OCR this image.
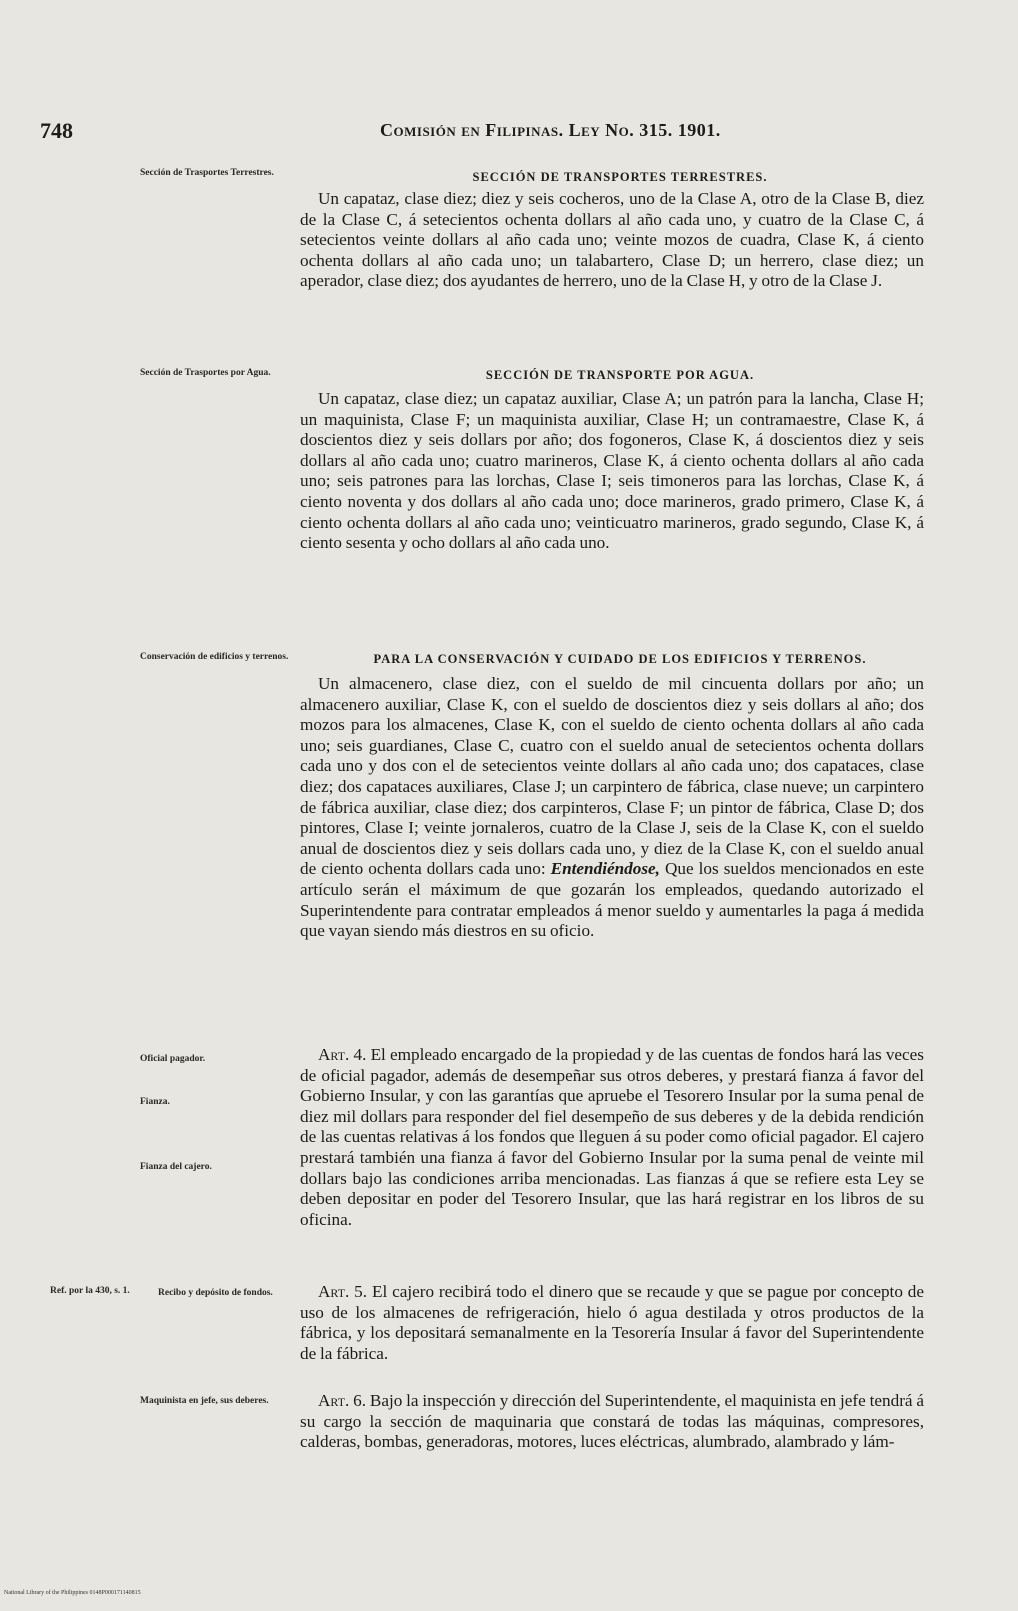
748	Comisión en Filipinas. Ley No. 315. 1901.
Sección de Trasportes Terrestres.
Sección de Trasportes por Agua.
Conservación de edificios y terrenos.
Oficial pagador.
Fianza.
Fianza del cajero.
Ref. por la 430, s. 1.	Recibo y depósito de fondos.
Maquinista en jefe, sus deberes.
SECCIÓN DE TRANSPORTES TERRESTRES.

Un capataz, clase diez; diez y seis cocheros, uno de la Clase A, otro de la Clase B, diez de la Clase C, á setecientos ochenta dollars al año cada uno, y cuatro de la Clase C, á setecientos veinte dollars al año cada uno; veinte mozos de cuadra, Clase K, á ciento ochenta dollars al año cada uno; un talabartero, Clase D; un herrero, clase diez; un aperador, clase diez; dos ayudantes de herrero, uno de la Clase H, y otro de la Clase J.

SECCIÓN DE TRANSPORTE POR AGUA.

Un capataz, clase diez; un capataz auxiliar, Clase A; un patrón para la lancha, Clase H; un maquinista, Clase F; un maquinista auxiliar, Clase H; un contramaestre, Clase K, á doscientos diez y seis dollars por año; dos fogoneros, Clase K, á doscientos diez y seis dollars al año cada uno; cuatro marineros, Clase K, á ciento ochenta dollars al año cada uno; seis patrones para las lorchas, Clase I; seis timoneros para las lorchas, Clase K, á ciento noventa y dos dollars al año cada uno; doce marineros, grado primero, Clase K, á ciento ochenta dollars al año cada uno; veinticuatro marineros, grado segundo, Clase K, á ciento sesenta y ocho dollars al año cada uno.

PARA LA CONSERVACIÓN Y CUIDADO DE LOS EDIFICIOS Y TERRENOS.

Un almacenero, clase diez, con el sueldo de mil cincuenta dollars por año; un almacenero auxiliar, Clase K, con el sueldo de doscientos diez y seis dollars al año; dos mozos para los almacenes, Clase K, con el sueldo de ciento ochenta dollars al año cada uno; seis guardianes, Clase C, cuatro con el sueldo anual de setecientos ochenta dollars cada uno y dos con el de setecientos veinte dollars al año cada uno; dos capataces, clase diez; dos capataces auxiliares, Clase J; un carpintero de fábrica, clase nueve; un carpintero de fábrica auxiliar, clase diez; dos carpinteros, Clase F; un pintor de fábrica, Clase D; dos pintores, Clase I; veinte jornaleros, cuatro de la Clase J, seis de la Clase K, con el sueldo anual de doscientos diez y seis dollars cada uno, y diez de la Clase K, con el sueldo anual de ciento ochenta dollars cada uno: Entendiéndose, Que los sueldos mencionados en este artículo serán el máximum de que gozarán los empleados, quedando autorizado el Superintendente para contratar empleados á menor sueldo y aumentarles la paga á medida que vayan siendo más diestros en su oficio.

Art. 4. El empleado encargado de la propiedad y de las cuentas de fondos hará las veces de oficial pagador, además de desempeñar sus otros deberes, y prestará fianza á favor del Gobierno Insular, y con las garantías que apruebe el Tesorero Insular por la suma penal de diez mil dollars para responder del fiel desempeño de sus deberes y de la debida rendición de las cuentas relativas á los fondos que lleguen á su poder como oficial pagador. El cajero prestará también una fianza á favor del Gobierno Insular por la suma penal de veinte mil dollars bajo las condiciones arriba mencionadas. Las fianzas á que se refiere esta Ley se deben depositar en poder del Tesorero Insular, que las hará registrar en los libros de su oficina.

Art. 5. El cajero recibirá todo el dinero que se recaude y que se pague por concepto de uso de los almacenes de refrigeración, hielo ó agua destilada y otros productos de la fábrica, y los depositará semanalmente en la Tesorería Insular á favor del Superintendente de la fábrica.

Art. 6. Bajo la inspección y dirección del Superintendente, el maquinista en jefe tendrá á su cargo la sección de maquinaria que constará de todas las máquinas, compresores, calderas, bombas, generadoras, motores, luces eléctricas, alumbrado, alambrado y lám-

National Library of the Philippines 0148P000171140815
